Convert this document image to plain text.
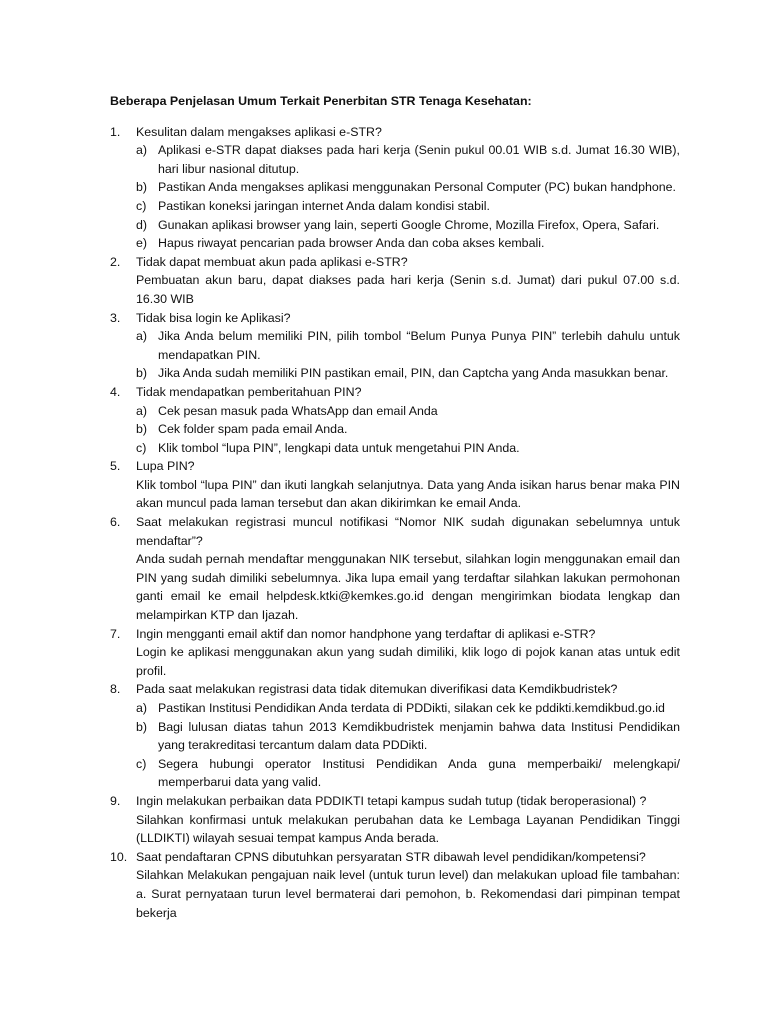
Beberapa Penjelasan Umum Terkait Penerbitan STR Tenaga Kesehatan:
1. Kesulitan dalam mengakses aplikasi e-STR?
a) Aplikasi e-STR dapat diakses pada hari kerja (Senin pukul 00.01 WIB s.d. Jumat 16.30 WIB), hari libur nasional ditutup.
b) Pastikan Anda mengakses aplikasi menggunakan Personal Computer (PC) bukan handphone.
c) Pastikan koneksi jaringan internet Anda dalam kondisi stabil.
d) Gunakan aplikasi browser yang lain, seperti Google Chrome, Mozilla Firefox, Opera, Safari.
e) Hapus riwayat pencarian pada browser Anda dan coba akses kembali.
2. Tidak dapat membuat akun pada aplikasi e-STR?
Pembuatan akun baru, dapat diakses pada hari kerja (Senin s.d. Jumat) dari pukul 07.00 s.d. 16.30 WIB
3. Tidak bisa login ke Aplikasi?
a) Jika Anda belum memiliki PIN, pilih tombol “Belum Punya Punya PIN” terlebih dahulu untuk mendapatkan PIN.
b) Jika Anda sudah memiliki PIN pastikan email, PIN, dan Captcha yang Anda masukkan benar.
4. Tidak mendapatkan pemberitahuan PIN?
a) Cek pesan masuk pada WhatsApp dan email Anda
b) Cek folder spam pada email Anda.
c) Klik tombol “lupa PIN”, lengkapi data untuk mengetahui PIN Anda.
5. Lupa PIN?
Klik tombol “lupa PIN” dan ikuti langkah selanjutnya. Data yang Anda isikan harus benar maka PIN akan muncul pada laman tersebut dan akan dikirimkan ke email Anda.
6. Saat melakukan registrasi muncul notifikasi “Nomor NIK sudah digunakan sebelumnya untuk mendaftar”?
Anda sudah pernah mendaftar menggunakan NIK tersebut, silahkan login menggunakan email dan PIN yang sudah dimiliki sebelumnya. Jika lupa email yang terdaftar silahkan lakukan permohonan ganti email ke email helpdesk.ktki@kemkes.go.id dengan mengirimkan biodata lengkap dan melampirkan KTP dan Ijazah.
7. Ingin mengganti email aktif dan nomor handphone yang terdaftar di aplikasi e-STR?
Login ke aplikasi menggunakan akun yang sudah dimiliki, klik logo di pojok kanan atas untuk edit profil.
8. Pada saat melakukan registrasi data tidak ditemukan diverifikasi data Kemdikbudristek?
a) Pastikan Institusi Pendidikan Anda terdata di PDDikti, silakan cek ke pddikti.kemdikbud.go.id
b) Bagi lulusan diatas tahun 2013 Kemdikbudristek menjamin bahwa data Institusi Pendidikan yang terakreditasi tercantum dalam data PDDikti.
c) Segera hubungi operator Institusi Pendidikan Anda guna memperbaiki/ melengkapi/ memperbarui data yang valid.
9. Ingin melakukan perbaikan data PDDIKTI tetapi kampus sudah tutup (tidak beroperasional) ?
Silahkan konfirmasi untuk melakukan perubahan data ke Lembaga Layanan Pendidikan Tinggi (LLDIKTI) wilayah sesuai tempat kampus Anda berada.
10. Saat pendaftaran CPNS dibutuhkan persyaratan STR dibawah level pendidikan/kompetensi?
Silahkan Melakukan pengajuan naik level (untuk turun level) dan melakukan upload file tambahan: a. Surat pernyataan turun level bermaterai dari pemohon, b. Rekomendasi dari pimpinan tempat bekerja
